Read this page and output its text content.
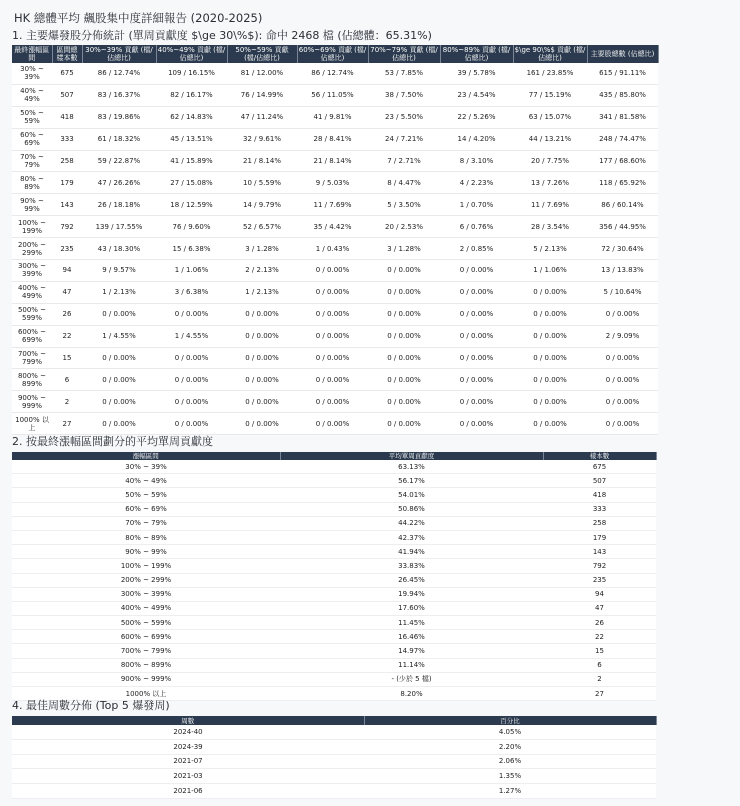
HK 總體平均 飆股集中度詳細報告 (2020-2025)
1. 主要爆發股分佈統計 (單周貢獻度 $\ge 30\%$): 命中 2468 檔 (佔總體：65.31%)
最終漲幅區間	區間總樣本數	30%~39% 貢獻 (檔/佔總比)	40%~49% 貢獻 (檔/佔總比)	50%~59% 貢獻 (檔/佔總比)	60%~69% 貢獻 (檔/佔總比)	70%~79% 貢獻 (檔/佔總比)	80%~89% 貢獻 (檔/佔總比)	$\ge 90\%$ 貢獻 (檔/佔總比)	主要股總數 (佔總比)
30% ~ 39%	675	86 / 12.74%	109 / 16.15%	81 / 12.00%	86 / 12.74%	53 / 7.85%	39 / 5.78%	161 / 23.85%	615 / 91.11%
40% ~ 49%	507	83 / 16.37%	82 / 16.17%	76 / 14.99%	56 / 11.05%	38 / 7.50%	23 / 4.54%	77 / 15.19%	435 / 85.80%
50% ~ 59%	418	83 / 19.86%	62 / 14.83%	47 / 11.24%	41 / 9.81%	23 / 5.50%	22 / 5.26%	63 / 15.07%	341 / 81.58%
60% ~ 69%	333	61 / 18.32%	45 / 13.51%	32 / 9.61%	28 / 8.41%	24 / 7.21%	14 / 4.20%	44 / 13.21%	248 / 74.47%
70% ~ 79%	258	59 / 22.87%	41 / 15.89%	21 / 8.14%	21 / 8.14%	7 / 2.71%	8 / 3.10%	20 / 7.75%	177 / 68.60%
80% ~ 89%	179	47 / 26.26%	27 / 15.08%	10 / 5.59%	9 / 5.03%	8 / 4.47%	4 / 2.23%	13 / 7.26%	118 / 65.92%
90% ~ 99%	143	26 / 18.18%	18 / 12.59%	14 / 9.79%	11 / 7.69%	5 / 3.50%	1 / 0.70%	11 / 7.69%	86 / 60.14%
100% ~ 199%	792	139 / 17.55%	76 / 9.60%	52 / 6.57%	35 / 4.42%	20 / 2.53%	6 / 0.76%	28 / 3.54%	356 / 44.95%
200% ~ 299%	235	43 / 18.30%	15 / 6.38%	3 / 1.28%	1 / 0.43%	3 / 1.28%	2 / 0.85%	5 / 2.13%	72 / 30.64%
300% ~ 399%	94	9 / 9.57%	1 / 1.06%	2 / 2.13%	0 / 0.00%	0 / 0.00%	0 / 0.00%	1 / 1.06%	13 / 13.83%
400% ~ 499%	47	1 / 2.13%	3 / 6.38%	1 / 2.13%	0 / 0.00%	0 / 0.00%	0 / 0.00%	0 / 0.00%	5 / 10.64%
500% ~ 599%	26	0 / 0.00%	0 / 0.00%	0 / 0.00%	0 / 0.00%	0 / 0.00%	0 / 0.00%	0 / 0.00%	0 / 0.00%
600% ~ 699%	22	1 / 4.55%	1 / 4.55%	0 / 0.00%	0 / 0.00%	0 / 0.00%	0 / 0.00%	0 / 0.00%	2 / 9.09%
700% ~ 799%	15	0 / 0.00%	0 / 0.00%	0 / 0.00%	0 / 0.00%	0 / 0.00%	0 / 0.00%	0 / 0.00%	0 / 0.00%
800% ~ 899%	6	0 / 0.00%	0 / 0.00%	0 / 0.00%	0 / 0.00%	0 / 0.00%	0 / 0.00%	0 / 0.00%	0 / 0.00%
900% ~ 999%	2	0 / 0.00%	0 / 0.00%	0 / 0.00%	0 / 0.00%	0 / 0.00%	0 / 0.00%	0 / 0.00%	0 / 0.00%
1000% 以上	27	0 / 0.00%	0 / 0.00%	0 / 0.00%	0 / 0.00%	0 / 0.00%	0 / 0.00%	0 / 0.00%	0 / 0.00%
2. 按最終漲幅區間劃分的平均單周貢獻度
漲幅區間	平均單周貢獻度	樣本數
30% ~ 39%	63.13%	675
40% ~ 49%	56.17%	507
50% ~ 59%	54.01%	418
60% ~ 69%	50.86%	333
70% ~ 79%	44.22%	258
80% ~ 89%	42.37%	179
90% ~ 99%	41.94%	143
100% ~ 199%	33.83%	792
200% ~ 299%	26.45%	235
300% ~ 399%	19.94%	94
400% ~ 499%	17.60%	47
500% ~ 599%	11.45%	26
600% ~ 699%	16.46%	22
700% ~ 799%	14.97%	15
800% ~ 899%	11.14%	6
900% ~ 999%	- (少於 5 檔)	2
1000% 以上	8.20%	27
4. 最佳周數分佈 (Top 5 爆發周)
周數	百分比
2024-40	4.05%
2024-39	2.20%
2021-07	2.06%
2021-03	1.35%
2021-06	1.27%
